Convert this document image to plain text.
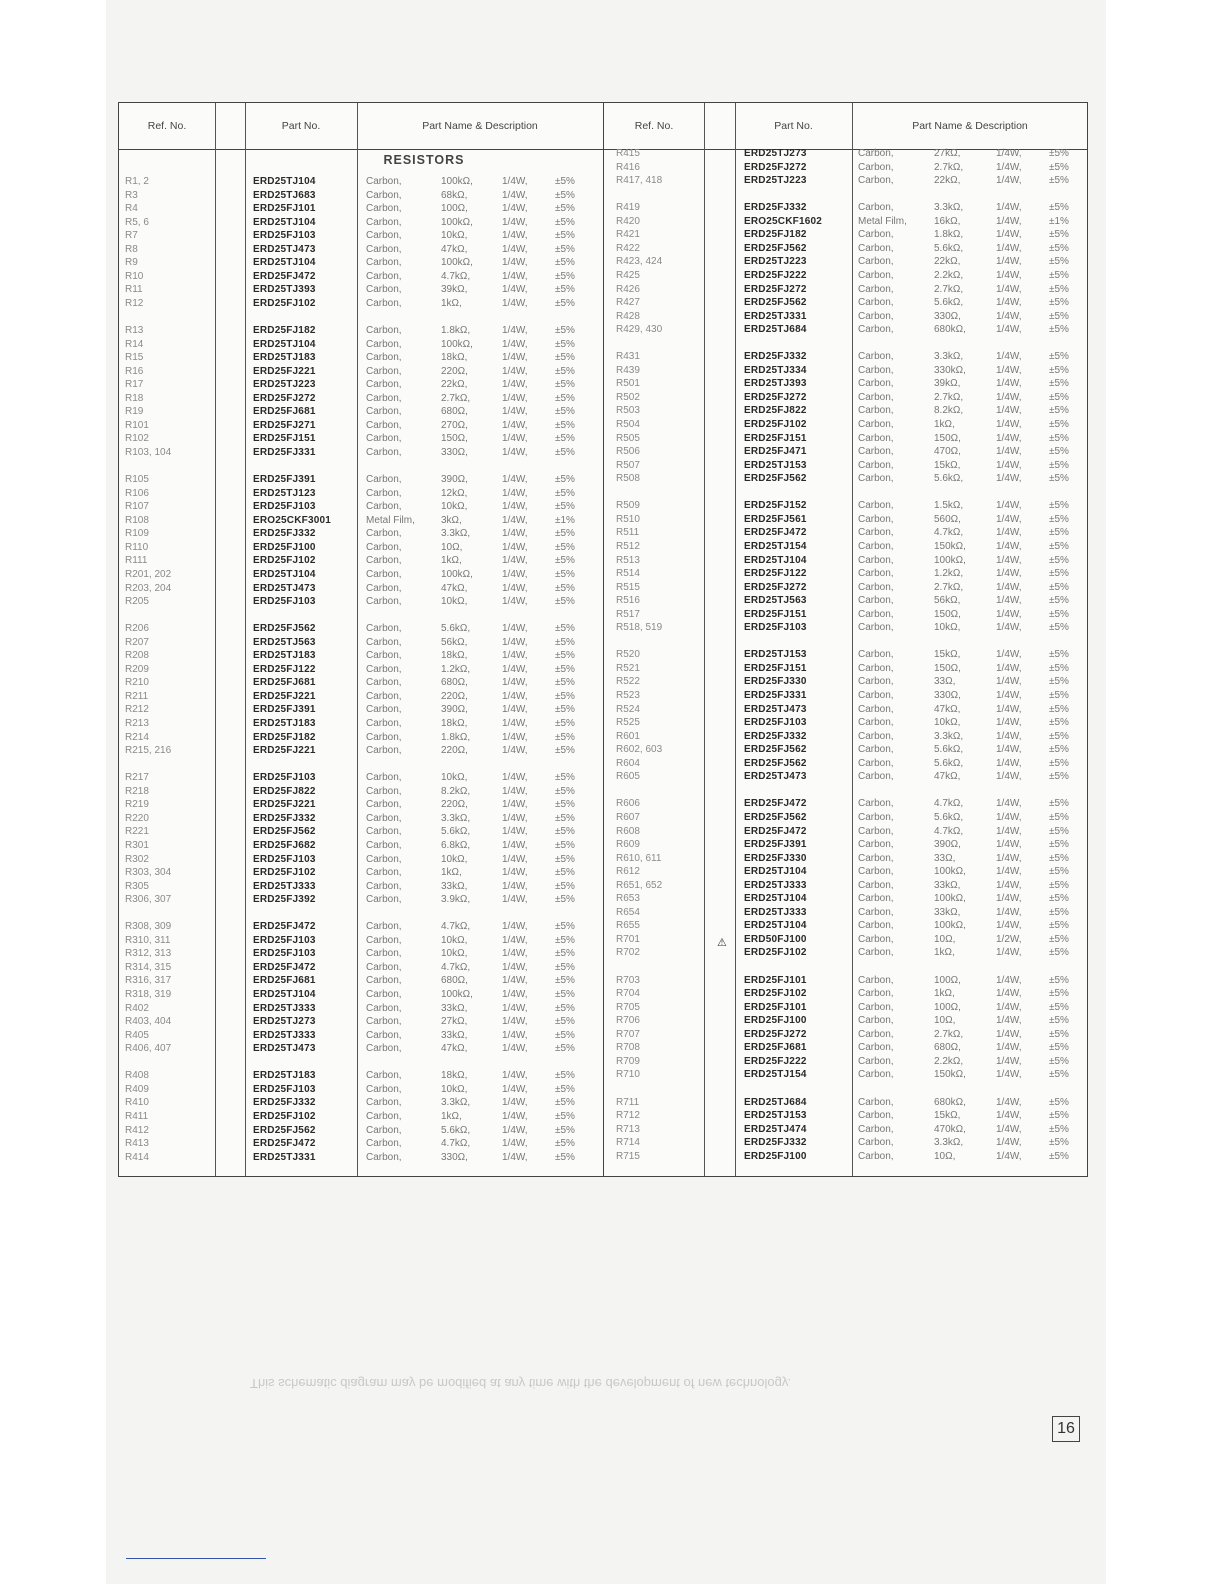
Ref. No.	Part No.	Part Name & Description
RESISTORS
R1, 2	ERD25TJ104	Carbon,	100kΩ,	1/4W,	±5%
R3	ERD25TJ683	Carbon,	68kΩ,	1/4W,	±5%
R4	ERD25FJ101	Carbon,	100Ω,	1/4W,	±5%
R5, 6	ERD25TJ104	Carbon,	100kΩ,	1/4W,	±5%
R7	ERD25FJ103	Carbon,	10kΩ,	1/4W,	±5%
R8	ERD25TJ473	Carbon,	47kΩ,	1/4W,	±5%
R9	ERD25TJ104	Carbon,	100kΩ,	1/4W,	±5%
R10	ERD25FJ472	Carbon,	4.7kΩ,	1/4W,	±5%
R11	ERD25TJ393	Carbon,	39kΩ,	1/4W,	±5%
R12	ERD25FJ102	Carbon,	1kΩ,	1/4W,	±5%
R13	ERD25FJ182	Carbon,	1.8kΩ,	1/4W,	±5%
R14	ERD25TJ104	Carbon,	100kΩ,	1/4W,	±5%
R15	ERD25TJ183	Carbon,	18kΩ,	1/4W,	±5%
R16	ERD25FJ221	Carbon,	220Ω,	1/4W,	±5%
R17	ERD25TJ223	Carbon,	22kΩ,	1/4W,	±5%
R18	ERD25FJ272	Carbon,	2.7kΩ,	1/4W,	±5%
R19	ERD25FJ681	Carbon,	680Ω,	1/4W,	±5%
R101	ERD25FJ271	Carbon,	270Ω,	1/4W,	±5%
R102	ERD25FJ151	Carbon,	150Ω,	1/4W,	±5%
R103, 104	ERD25FJ331	Carbon,	330Ω,	1/4W,	±5%
R105	ERD25FJ391	Carbon,	390Ω,	1/4W,	±5%
R106	ERD25TJ123	Carbon,	12kΩ,	1/4W,	±5%
R107	ERD25FJ103	Carbon,	10kΩ,	1/4W,	±5%
R108	ERO25CKF3001	Metal Film,	3kΩ,	1/4W,	±1%
R109	ERD25FJ332	Carbon,	3.3kΩ,	1/4W,	±5%
R110	ERD25FJ100	Carbon,	10Ω,	1/4W,	±5%
R111	ERD25FJ102	Carbon,	1kΩ,	1/4W,	±5%
R201, 202	ERD25TJ104	Carbon,	100kΩ,	1/4W,	±5%
R203, 204	ERD25TJ473	Carbon,	47kΩ,	1/4W,	±5%
R205	ERD25FJ103	Carbon,	10kΩ,	1/4W,	±5%
R206	ERD25FJ562	Carbon,	5.6kΩ,	1/4W,	±5%
R207	ERD25TJ563	Carbon,	56kΩ,	1/4W,	±5%
R208	ERD25TJ183	Carbon,	18kΩ,	1/4W,	±5%
R209	ERD25FJ122	Carbon,	1.2kΩ,	1/4W,	±5%
R210	ERD25FJ681	Carbon,	680Ω,	1/4W,	±5%
R211	ERD25FJ221	Carbon,	220Ω,	1/4W,	±5%
R212	ERD25FJ391	Carbon,	390Ω,	1/4W,	±5%
R213	ERD25TJ183	Carbon,	18kΩ,	1/4W,	±5%
R214	ERD25FJ182	Carbon,	1.8kΩ,	1/4W,	±5%
R215, 216	ERD25FJ221	Carbon,	220Ω,	1/4W,	±5%
R217	ERD25FJ103	Carbon,	10kΩ,	1/4W,	±5%
R218	ERD25FJ822	Carbon,	8.2kΩ,	1/4W,	±5%
R219	ERD25FJ221	Carbon,	220Ω,	1/4W,	±5%
R220	ERD25FJ332	Carbon,	3.3kΩ,	1/4W,	±5%
R221	ERD25FJ562	Carbon,	5.6kΩ,	1/4W,	±5%
R301	ERD25FJ682	Carbon,	6.8kΩ,	1/4W,	±5%
R302	ERD25FJ103	Carbon,	10kΩ,	1/4W,	±5%
R303, 304	ERD25FJ102	Carbon,	1kΩ,	1/4W,	±5%
R305	ERD25TJ333	Carbon,	33kΩ,	1/4W,	±5%
R306, 307	ERD25FJ392	Carbon,	3.9kΩ,	1/4W,	±5%
R308, 309	ERD25FJ472	Carbon,	4.7kΩ,	1/4W,	±5%
R310, 311	ERD25FJ103	Carbon,	10kΩ,	1/4W,	±5%
R312, 313	ERD25FJ103	Carbon,	10kΩ,	1/4W,	±5%
R314, 315	ERD25FJ472	Carbon,	4.7kΩ,	1/4W,	±5%
R316, 317	ERD25FJ681	Carbon,	680Ω,	1/4W,	±5%
R318, 319	ERD25TJ104	Carbon,	100kΩ,	1/4W,	±5%
R402	ERD25TJ333	Carbon,	33kΩ,	1/4W,	±5%
R403, 404	ERD25TJ273	Carbon,	27kΩ,	1/4W,	±5%
R405	ERD25TJ333	Carbon,	33kΩ,	1/4W,	±5%
R406, 407	ERD25TJ473	Carbon,	47kΩ,	1/4W,	±5%
R408	ERD25TJ183	Carbon,	18kΩ,	1/4W,	±5%
R409	ERD25FJ103	Carbon,	10kΩ,	1/4W,	±5%
R410	ERD25FJ332	Carbon,	3.3kΩ,	1/4W,	±5%
R411	ERD25FJ102	Carbon,	1kΩ,	1/4W,	±5%
R412	ERD25FJ562	Carbon,	5.6kΩ,	1/4W,	±5%
R413	ERD25FJ472	Carbon,	4.7kΩ,	1/4W,	±5%
R414	ERD25TJ331	Carbon,	330Ω,	1/4W,	±5%
Ref. No.	Part No.	Part Name & Description
R415	ERD25TJ273	Carbon,	27kΩ,	1/4W,	±5%
R416	ERD25FJ272	Carbon,	2.7kΩ,	1/4W,	±5%
R417, 418	ERD25TJ223	Carbon,	22kΩ,	1/4W,	±5%
R419	ERD25FJ332	Carbon,	3.3kΩ,	1/4W,	±5%
R420	ERO25CKF1602	Metal Film,	16kΩ,	1/4W,	±1%
R421	ERD25FJ182	Carbon,	1.8kΩ,	1/4W,	±5%
R422	ERD25FJ562	Carbon,	5.6kΩ,	1/4W,	±5%
R423, 424	ERD25TJ223	Carbon,	22kΩ,	1/4W,	±5%
R425	ERD25FJ222	Carbon,	2.2kΩ,	1/4W,	±5%
R426	ERD25FJ272	Carbon,	2.7kΩ,	1/4W,	±5%
R427	ERD25FJ562	Carbon,	5.6kΩ,	1/4W,	±5%
R428	ERD25TJ331	Carbon,	330Ω,	1/4W,	±5%
R429, 430	ERD25TJ684	Carbon,	680kΩ,	1/4W,	±5%
R431	ERD25FJ332	Carbon,	3.3kΩ,	1/4W,	±5%
R439	ERD25TJ334	Carbon,	330kΩ,	1/4W,	±5%
R501	ERD25TJ393	Carbon,	39kΩ,	1/4W,	±5%
R502	ERD25FJ272	Carbon,	2.7kΩ,	1/4W,	±5%
R503	ERD25FJ822	Carbon,	8.2kΩ,	1/4W,	±5%
R504	ERD25FJ102	Carbon,	1kΩ,	1/4W,	±5%
R505	ERD25FJ151	Carbon,	150Ω,	1/4W,	±5%
R506	ERD25FJ471	Carbon,	470Ω,	1/4W,	±5%
R507	ERD25TJ153	Carbon,	15kΩ,	1/4W,	±5%
R508	ERD25FJ562	Carbon,	5.6kΩ,	1/4W,	±5%
R509	ERD25FJ152	Carbon,	1.5kΩ,	1/4W,	±5%
R510	ERD25FJ561	Carbon,	560Ω,	1/4W,	±5%
R511	ERD25FJ472	Carbon,	4.7kΩ,	1/4W,	±5%
R512	ERD25TJ154	Carbon,	150kΩ,	1/4W,	±5%
R513	ERD25TJ104	Carbon,	100kΩ,	1/4W,	±5%
R514	ERD25FJ122	Carbon,	1.2kΩ,	1/4W,	±5%
R515	ERD25FJ272	Carbon,	2.7kΩ,	1/4W,	±5%
R516	ERD25TJ563	Carbon,	56kΩ,	1/4W,	±5%
R517	ERD25FJ151	Carbon,	150Ω,	1/4W,	±5%
R518, 519	ERD25FJ103	Carbon,	10kΩ,	1/4W,	±5%
R520	ERD25TJ153	Carbon,	15kΩ,	1/4W,	±5%
R521	ERD25FJ151	Carbon,	150Ω,	1/4W,	±5%
R522	ERD25FJ330	Carbon,	33Ω,	1/4W,	±5%
R523	ERD25FJ331	Carbon,	330Ω,	1/4W,	±5%
R524	ERD25TJ473	Carbon,	47kΩ,	1/4W,	±5%
R525	ERD25FJ103	Carbon,	10kΩ,	1/4W,	±5%
R601	ERD25FJ332	Carbon,	3.3kΩ,	1/4W,	±5%
R602, 603	ERD25FJ562	Carbon,	5.6kΩ,	1/4W,	±5%
R604	ERD25FJ562	Carbon,	5.6kΩ,	1/4W,	±5%
R605	ERD25TJ473	Carbon,	47kΩ,	1/4W,	±5%
R606	ERD25FJ472	Carbon,	4.7kΩ,	1/4W,	±5%
R607	ERD25FJ562	Carbon,	5.6kΩ,	1/4W,	±5%
R608	ERD25FJ472	Carbon,	4.7kΩ,	1/4W,	±5%
R609	ERD25FJ391	Carbon,	390Ω,	1/4W,	±5%
R610, 611	ERD25FJ330	Carbon,	33Ω,	1/4W,	±5%
R612	ERD25TJ104	Carbon,	100kΩ,	1/4W,	±5%
R651, 652	ERD25TJ333	Carbon,	33kΩ,	1/4W,	±5%
R653	ERD25TJ104	Carbon,	100kΩ,	1/4W,	±5%
R654	ERD25TJ333	Carbon,	33kΩ,	1/4W,	±5%
R655	ERD25TJ104	Carbon,	100kΩ,	1/4W,	±5%
R701	ERD50FJ100	Carbon,	10Ω,	1/2W,	±5%
R702	ERD25FJ102	Carbon,	1kΩ,	1/4W,	±5%
R703	ERD25FJ101	Carbon,	100Ω,	1/4W,	±5%
R704	ERD25FJ102	Carbon,	1kΩ,	1/4W,	±5%
R705	ERD25FJ101	Carbon,	100Ω,	1/4W,	±5%
R706	ERD25FJ100	Carbon,	10Ω,	1/4W,	±5%
R707	ERD25FJ272	Carbon,	2.7kΩ,	1/4W,	±5%
R708	ERD25FJ681	Carbon,	680Ω,	1/4W,	±5%
R709	ERD25FJ222	Carbon,	2.2kΩ,	1/4W,	±5%
R710	ERD25TJ154	Carbon,	150kΩ,	1/4W,	±5%
R711	ERD25TJ684	Carbon,	680kΩ,	1/4W,	±5%
R712	ERD25TJ153	Carbon,	15kΩ,	1/4W,	±5%
R713	ERD25TJ474	Carbon,	470kΩ,	1/4W,	±5%
R714	ERD25FJ332	Carbon,	3.3kΩ,	1/4W,	±5%
R715	ERD25FJ100	Carbon,	10Ω,	1/4W,	±5%
⚠
This schematic diagram may be modified at any time with the development of new technology.
16
